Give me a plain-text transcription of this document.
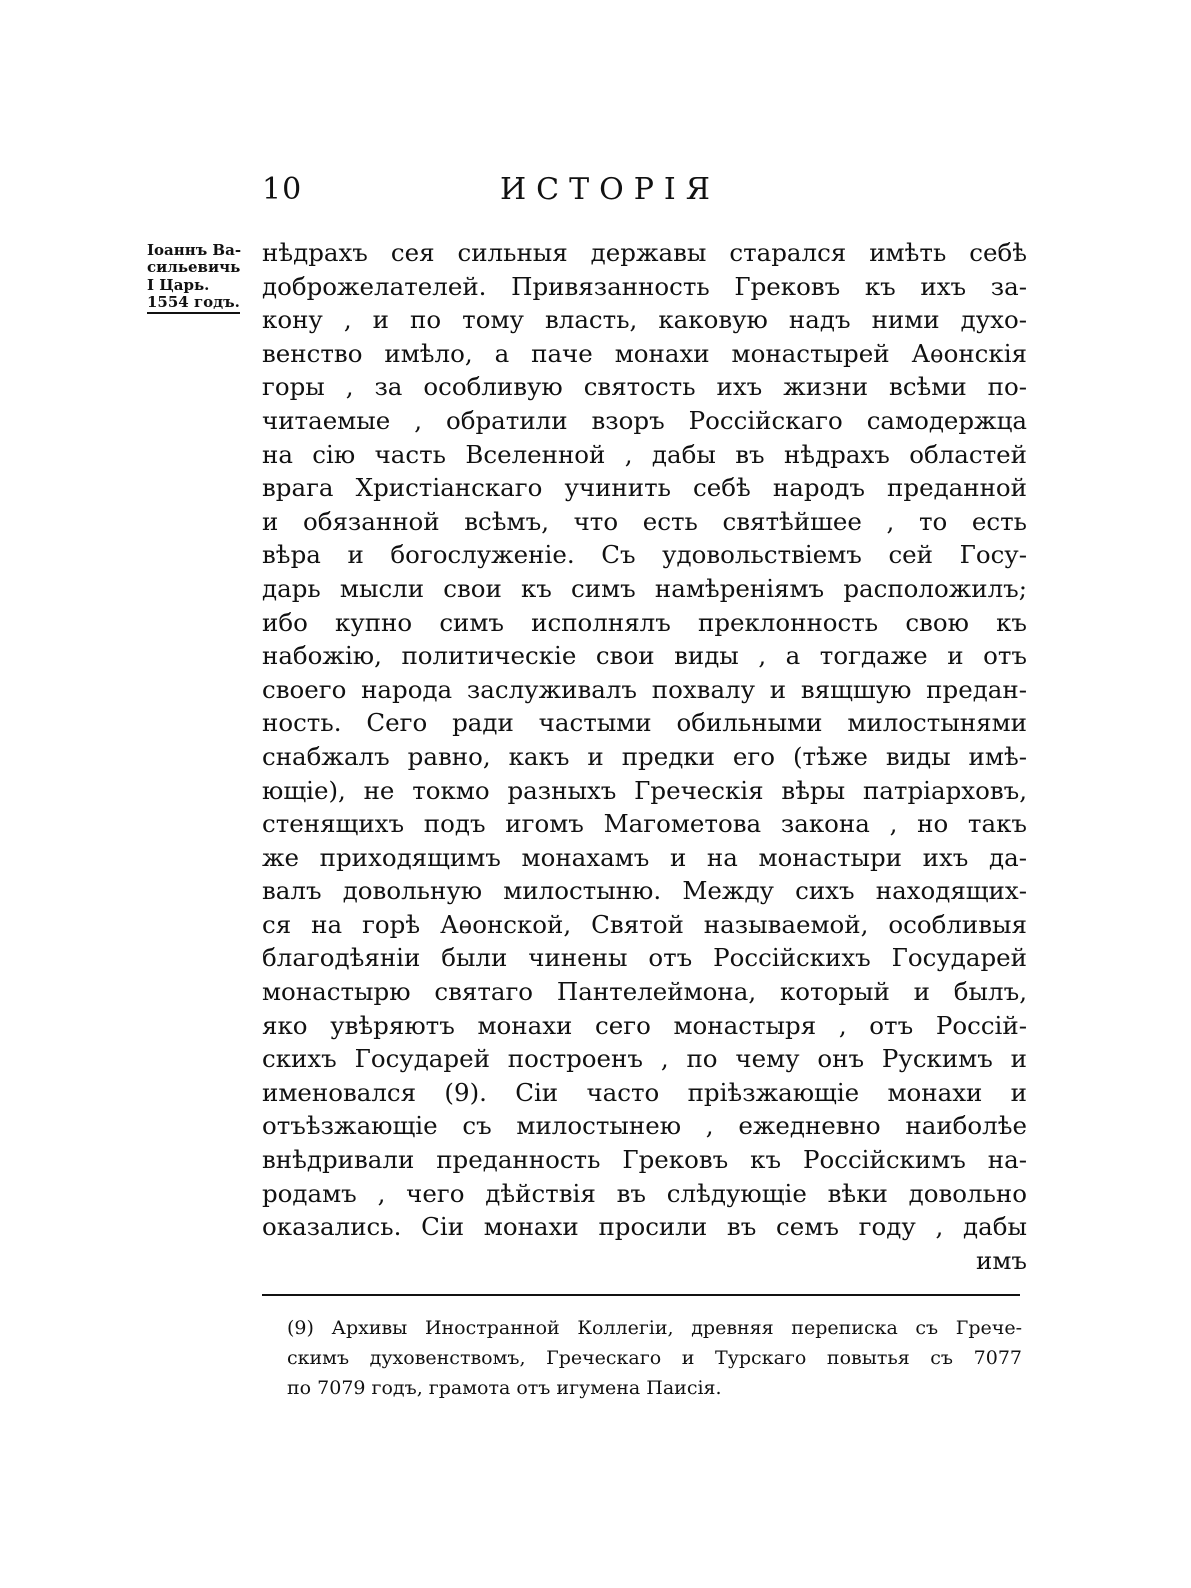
10	ИСТОРІЯ
Іоаннъ Ва-
сильевичь
I Царь.
1554 годъ.
нѣдрахъ сея сильныя державы старался имѣть себѣ
доброжелателей. Привязанность Грековъ къ ихъ за-
кону , и по тому власть, каковую надъ ними духо-
венство имѣло, а паче монахи монастырей Аѳонскія
горы , за особливую святость ихъ жизни всѣми по-
читаемые , обратили взоръ Россійскаго самодержца
на сію часть Вселенной , дабы въ нѣдрахъ областей
врага Христіанскаго учинить себѣ народъ преданной
и обязанной всѣмъ, что есть святѣйшее , то есть
вѣра и богослуженіе. Съ удовольствіемъ сей Госу-
дарь мысли свои къ симъ намѣреніямъ расположилъ;
ибо купно симъ исполнялъ преклонность свою къ
набожію, политическіе свои виды , а тогдаже и отъ
своего народа заслуживалъ похвалу и вящшую предан-
ность. Сего ради частыми обильными милостынями
снабжалъ равно, какъ и предки его (тѣже виды имѣ-
ющіе), не токмо разныхъ Греческія вѣры патріарховъ,
стенящихъ подъ игомъ Магометова закона , но такъ
же приходящимъ монахамъ и на монастыри ихъ да-
валъ довольную милостыню. Между сихъ находящих-
ся на горѣ Аѳонской, Святой называемой, особливыя
благодѣяніи были чинены отъ Россійскихъ Государей
монастырю святаго Пантелеймона, который и былъ,
яко увѣряютъ монахи сего монастыря , отъ Россій-
скихъ Государей построенъ , по чему онъ Рускимъ и
именовался (9). Сіи часто пріѣзжающіе монахи и
отъѣзжающіе съ милостынею , ежедневно наиболѣе
внѣдривали преданность Грековъ къ Россійскимъ на-
родамъ , чего дѣйствія въ слѣдующіе вѣки довольно
оказались. Сіи монахи просили въ семъ году , дабы
имъ
(9) Архивы Иностранной Коллегіи, древняя переписка съ Грече-
скимъ духовенствомъ, Греческаго и Турскаго повытья съ 7077
по 7079 годъ, грамота отъ игумена Паисія.
